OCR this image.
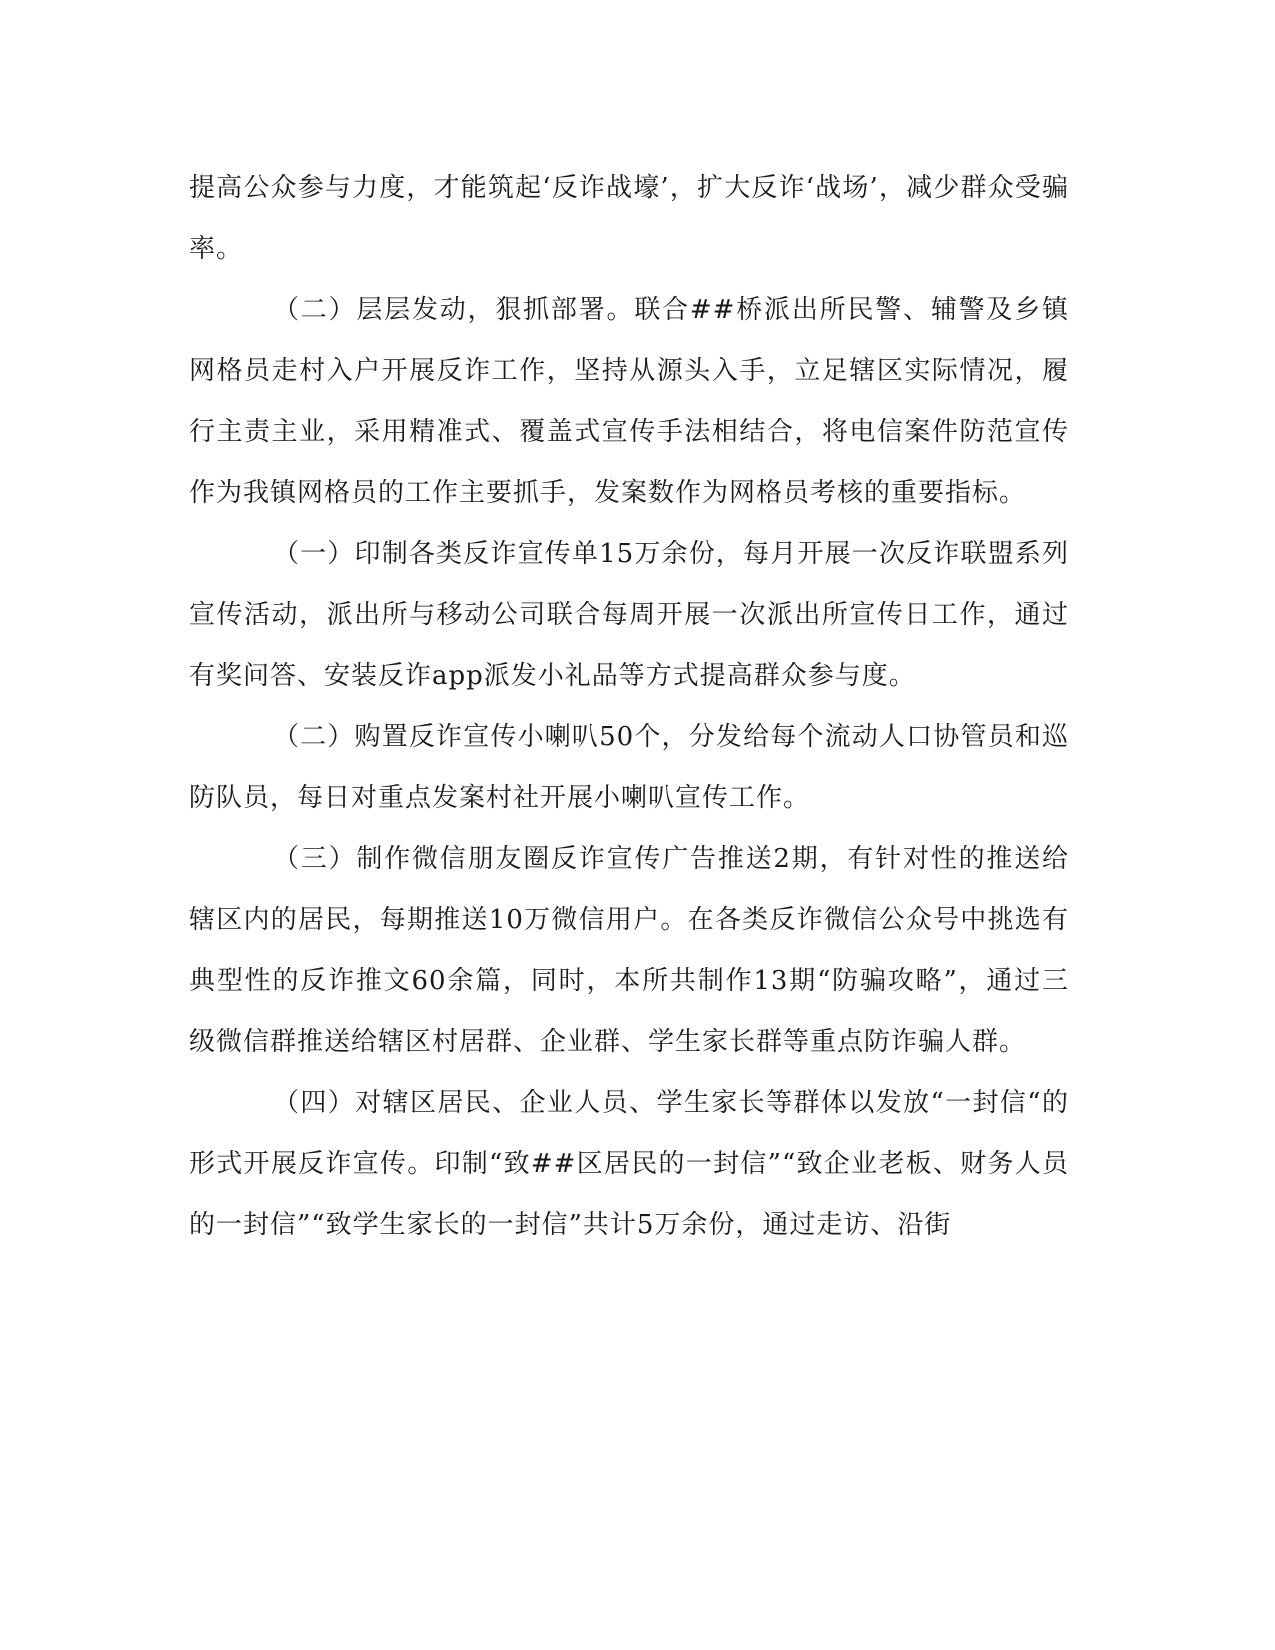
提高公众参与力度，才能筑起‘反诈战壕’，扩大反诈‘战场’，减少群众受骗率。

（二）层层发动，狠抓部署。联合##桥派出所民警、辅警及乡镇网格员走村入户开展反诈工作，坚持从源头入手，立足辖区实际情况，履行主责主业，采用精准式、覆盖式宣传手法相结合，将电信案件防范宣传作为我镇网格员的工作主要抓手，发案数作为网格员考核的重要指标。

（一）印制各类反诈宣传单15万余份，每月开展一次反诈联盟系列宣传活动，派出所与移动公司联合每周开展一次派出所宣传日工作，通过有奖问答、安装反诈app派发小礼品等方式提高群众参与度。

（二）购置反诈宣传小喇叭50个，分发给每个流动人口协管员和巡防队员，每日对重点发案村社开展小喇叭宣传工作。

（三）制作微信朋友圈反诈宣传广告推送2期，有针对性的推送给辖区内的居民，每期推送10万微信用户。在各类反诈微信公众号中挑选有典型性的反诈推文60余篇，同时，本所共制作13期“防骗攻略”，通过三级微信群推送给辖区村居群、企业群、学生家长群等重点防诈骗人群。

（四）对辖区居民、企业人员、学生家长等群体以发放“一封信“的形式开展反诈宣传。印制“致##区居民的一封信”“致企业老板、财务人员的一封信”“致学生家长的一封信”共计5万余份，通过走访、沿街
